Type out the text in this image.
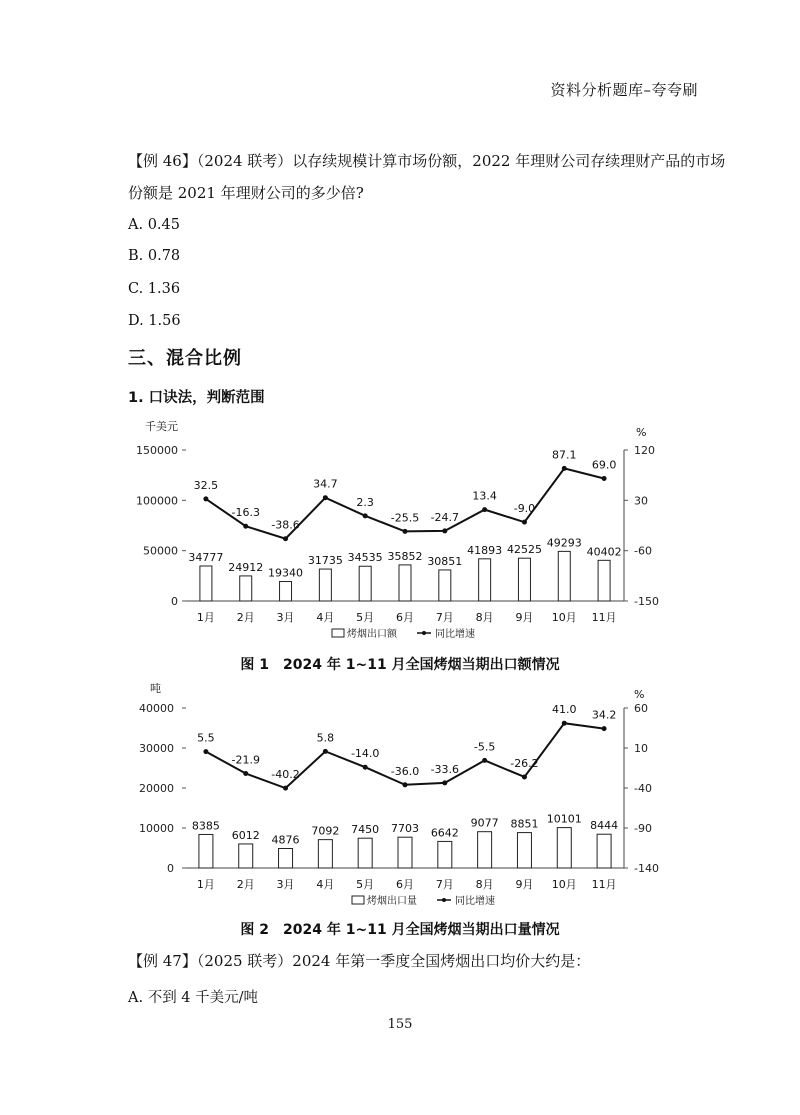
资料分析题库–夸夸刷
【例 46】（2024 联考）以存续规模计算市场份额，2022 年理财公司存续理财产品的市场
份额是 2021 年理财公司的多少倍?
A. 0.45
B. 0.78
C. 1.36
D. 1.56
三、混合比例
1. 口诀法，判断范围
千美元	%
0
50000
100000
150000
-150
-60
30
120
34777
24912 19340
31735 34535 35852 30851
41893 42525
49293
40402
1月 2月 3月 4月 5月 6月 7月 8月 9月 10月 11月
32.5
-16.3
-38.6
34.7
2.3
-25.5 -24.7
13.4
-9.0
87.1
69.0
烤烟出口额	同比增速
图 1　2024 年 1~11 月全国烤烟当期出口额情况
吨	%
0
10000
20000
30000
40000
-140
-90
-40
10
60
8385
6012 4876
7092 7450 7703 6642
9077 8851 10101
8444
1月 2月 3月 4月 5月 6月 7月 8月 9月 10月 11月
5.5
-21.9
-40.2
5.8
-14.0
-36.0 -33.6
-5.5
-26.2
41.0 34.2
烤烟出口量	同比增速
图 2　2024 年 1~11 月全国烤烟当期出口量情况
【例 47】（2025 联考）2024 年第一季度全国烤烟出口均价大约是：
A. 不到 4 千美元/吨
155
